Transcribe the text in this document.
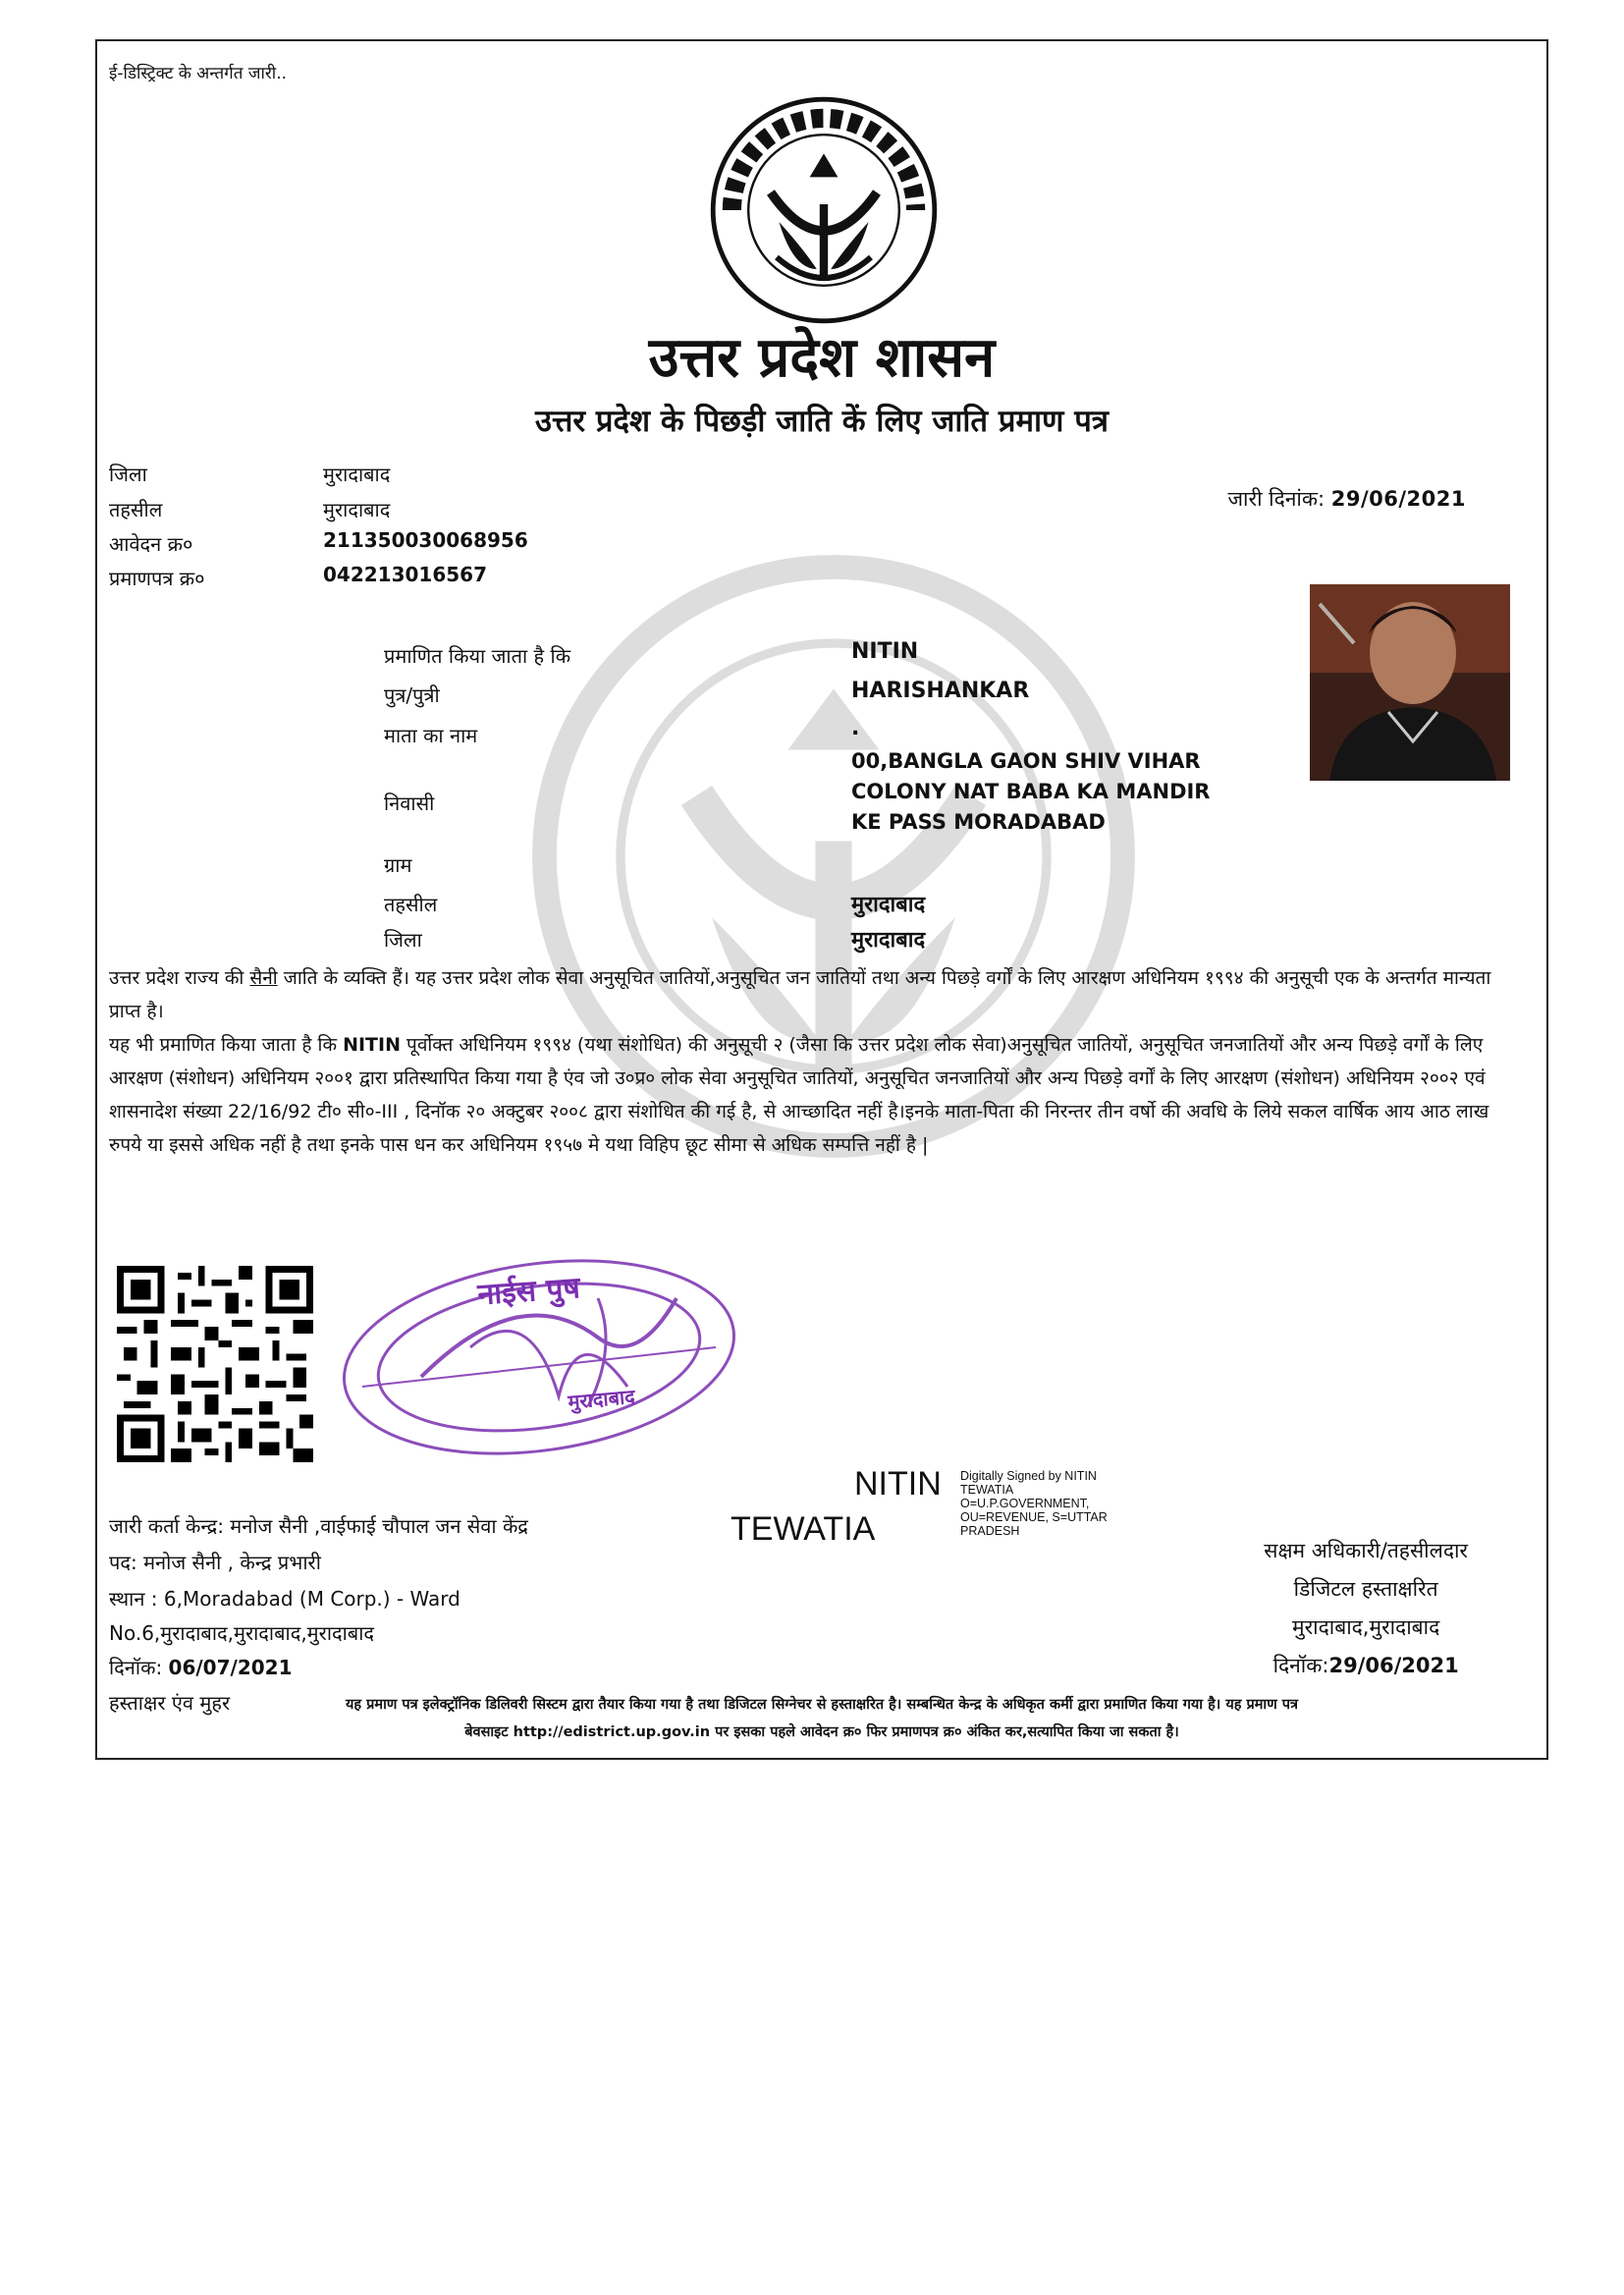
ई-डिस्ट्रिक्ट के अन्तर्गत जारी..
उत्तर प्रदेश शासन
उत्तर प्रदेश के पिछड़ी जाति कें लिए जाति प्रमाण पत्र
जिला	मुरादाबाद
तहसील	मुरादाबाद
आवेदन क्र०	211350030068956
प्रमाणपत्र क्र०	042213016567
जारी दिनांक: 29/06/2021
प्रमाणित किया जाता है कि	NITIN
पुत्र/पुत्री	HARISHANKAR
माता का नाम	.
निवासी
00,BANGLA GAON SHIV VIHAR
COLONY NAT BABA KA MANDIR
KE PASS MORADABAD
ग्राम
तहसील	मुरादाबाद
जिला	मुरादाबाद
उत्तर प्रदेश राज्य की सैनी जाति के व्यक्ति हैं। यह उत्तर प्रदेश लोक सेवा अनुसूचित जातियों,अनुसूचित जन जातियों तथा अन्य पिछड़े वर्गों के लिए आरक्षण अधिनियम १९९४ की अनुसूची एक के अन्तर्गत मान्यता प्राप्त है।
यह भी प्रमाणित किया जाता है कि NITIN पूर्वोक्त अधिनियम १९९४ (यथा संशोधित) की अनुसूची २ (जैसा कि उत्तर प्रदेश लोक सेवा)अनुसूचित जातियों, अनुसूचित जनजातियों और अन्य पिछड़े वर्गों के लिए आरक्षण (संशोधन) अधिनियम २००१ द्वारा प्रतिस्थापित किया गया है एंव जो उ०प्र० लोक सेवा अनुसूचित जातियों, अनुसूचित जनजातियों और अन्य पिछड़े वर्गों के लिए आरक्षण (संशोधन) अधिनियम २००२ एवं शासनादेश संख्या 22/16/92 टी० सी०-III , दिनॉक २० अक्टुबर २००८ द्वारा संशोधित की गई है, से आच्छादित नहीं है।इनके माता-पिता की निरन्तर तीन वर्षो की अवधि के लिये सकल वार्षिक आय आठ लाख रुपये या इससे अधिक नहीं है तथा इनके पास धन कर अधिनियम १९५७ मे यथा विहिप छूट सीमा से अधिक सम्पत्ति नहीं है |
नाईस पुष
मुरादाबाद
जारी कर्ता केन्द्र: मनोज सैनी ,वाईफाई चौपाल जन सेवा केंद्र
पद: मनोज सैनी , केन्द्र प्रभारी
स्थान : 6,Moradabad (M Corp.) - Ward
No.6,मुरादाबाद,मुरादाबाद,मुरादाबाद
दिनॉक: 06/07/2021
हस्ताक्षर एंव मुहर
NITIN
TEWATIA
Digitally Signed by NITIN
TEWATIA
O=U.P.GOVERNMENT,
OU=REVENUE, S=UTTAR
PRADESH
सक्षम अधिकारी/तहसीलदार
डिजिटल हस्ताक्षरित
मुरादाबाद,मुरादाबाद
दिनॉक:29/06/2021
यह प्रमाण पत्र इलेक्ट्रॉनिक डिलिवरी सिस्टम द्वारा तैयार किया गया है तथा डिजिटल सिग्नेचर से हस्ताक्षरित है। सम्बन्धित केन्द्र के अधिकृत कर्मी द्वारा प्रमाणित किया गया है। यह प्रमाण पत्र
बेवसाइट http://edistrict.up.gov.in पर इसका पहले आवेदन क्र० फिर प्रमाणपत्र क्र० अंकित कर,सत्यापित किया जा सकता है।
